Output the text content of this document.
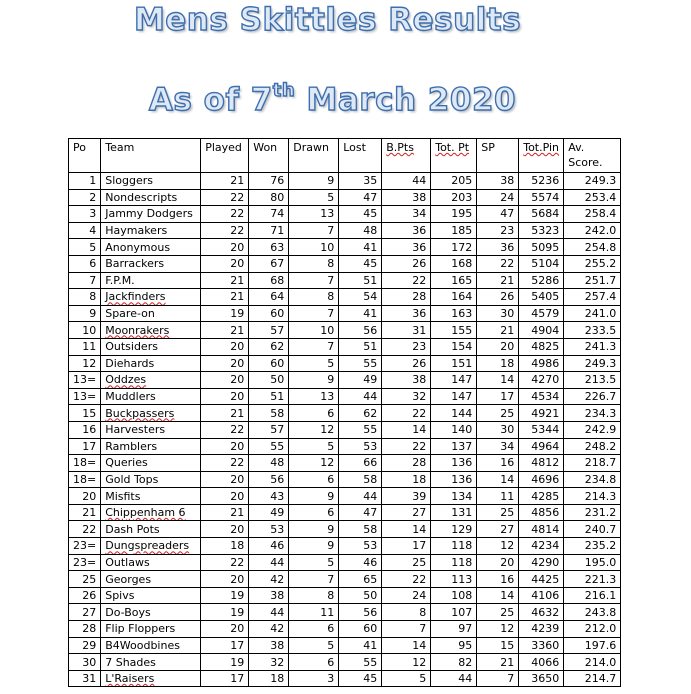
Mens Skittles Results
As of 7th March 2020
Po	Team	Played	Won	Drawn	Lost	B.Pts	Tot. Pt	SP	Tot.Pin	Av. Score.
1	Sloggers	21	76	9	35	44	205	38	5236	249.3
2	Nondescripts	22	80	5	47	38	203	24	5574	253.4
3	Jammy Dodgers	22	74	13	45	34	195	47	5684	258.4
4	Haymakers	22	71	7	48	36	185	23	5323	242.0
5	Anonymous	20	63	10	41	36	172	36	5095	254.8
6	Barrackers	20	67	8	45	26	168	22	5104	255.2
7	F.P.M.	21	68	7	51	22	165	21	5286	251.7
8	Jackfinders	21	64	8	54	28	164	26	5405	257.4
9	Spare-on	19	60	7	41	36	163	30	4579	241.0
10	Moonrakers	21	57	10	56	31	155	21	4904	233.5
11	Outsiders	20	62	7	51	23	154	20	4825	241.3
12	Diehards	20	60	5	55	26	151	18	4986	249.3
13=	Oddzes	20	50	9	49	38	147	14	4270	213.5
13=	Muddlers	20	51	13	44	32	147	17	4534	226.7
15	Buckpassers	21	58	6	62	22	144	25	4921	234.3
16	Harvesters	22	57	12	55	14	140	30	5344	242.9
17	Ramblers	20	55	5	53	22	137	34	4964	248.2
18=	Queries	22	48	12	66	28	136	16	4812	218.7
18=	Gold Tops	20	56	6	58	18	136	14	4696	234.8
20	Misfits	20	43	9	44	39	134	11	4285	214.3
21	Chippenham 6	21	49	6	47	27	131	25	4856	231.2
22	Dash Pots	20	53	9	58	14	129	27	4814	240.7
23=	Dungspreaders	18	46	9	53	17	118	12	4234	235.2
23=	Outlaws	22	44	5	46	25	118	20	4290	195.0
25	Georges	20	42	7	65	22	113	16	4425	221.3
26	Spivs	19	38	8	50	24	108	14	4106	216.1
27	Do-Boys	19	44	11	56	8	107	25	4632	243.8
28	Flip Floppers	20	42	6	60	7	97	12	4239	212.0
29	B4Woodbines	17	38	5	41	14	95	15	3360	197.6
30	7 Shades	19	32	6	55	12	82	21	4066	214.0
31	L'Raisers	17	18	3	45	5	44	7	3650	214.7
